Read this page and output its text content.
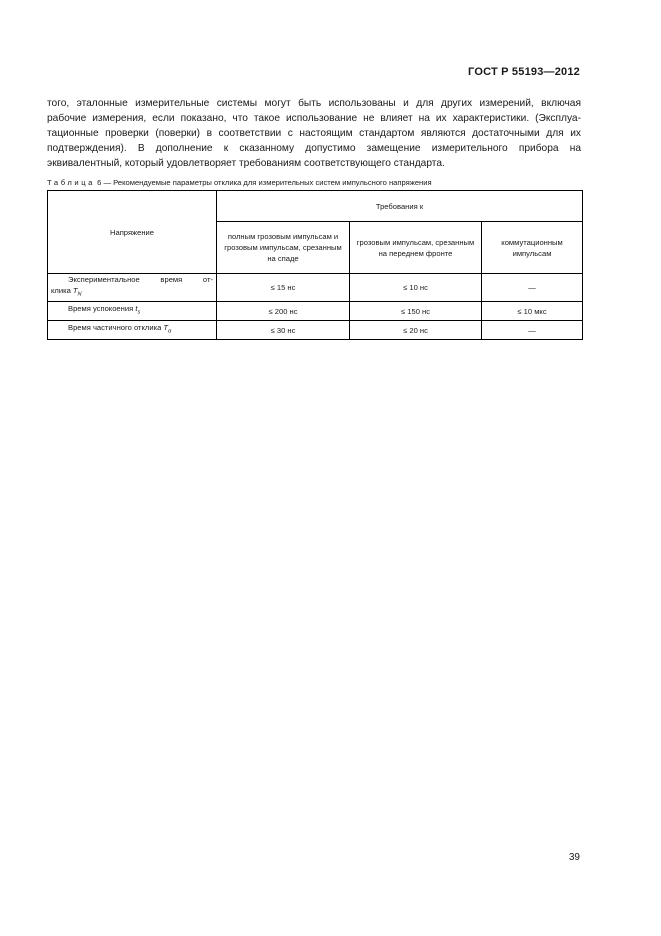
ГОСТ Р 55193—2012
того, эталонные измерительные системы могут быть использованы и для других измерений, включая
рабочие измерения, если показано, что такое использование не влияет на их характеристики. (Эксплуа-
тационные проверки (поверки) в соответствии с настоящим стандартом являются достаточными для их
подтверждения). В дополнение к сказанному допустимо замещение измерительного прибора на
эквивалентный, который удовлетворяет требованиям соответствующего стандарта.
Таблица 6 — Рекомендуемые параметры отклика для измерительных систем импульсного напряжения
Напряжение	Требования к		
	полным грозовым импульсам и грозовым импульсам, срезанным на спаде	грозовым импульсам, срезанным на переднем фронте	коммутационным импульсам

Экспериментальное время от-
клика $T_N$	≤ 15 нс	≤ 10 нс	—
Время успокоения $t_s$	≤ 200 нс	≤ 150 нс	≤ 10 мкс
Время частичного отклика $T_\alpha$	≤ 30 нс	≤ 20 нс	—
39
